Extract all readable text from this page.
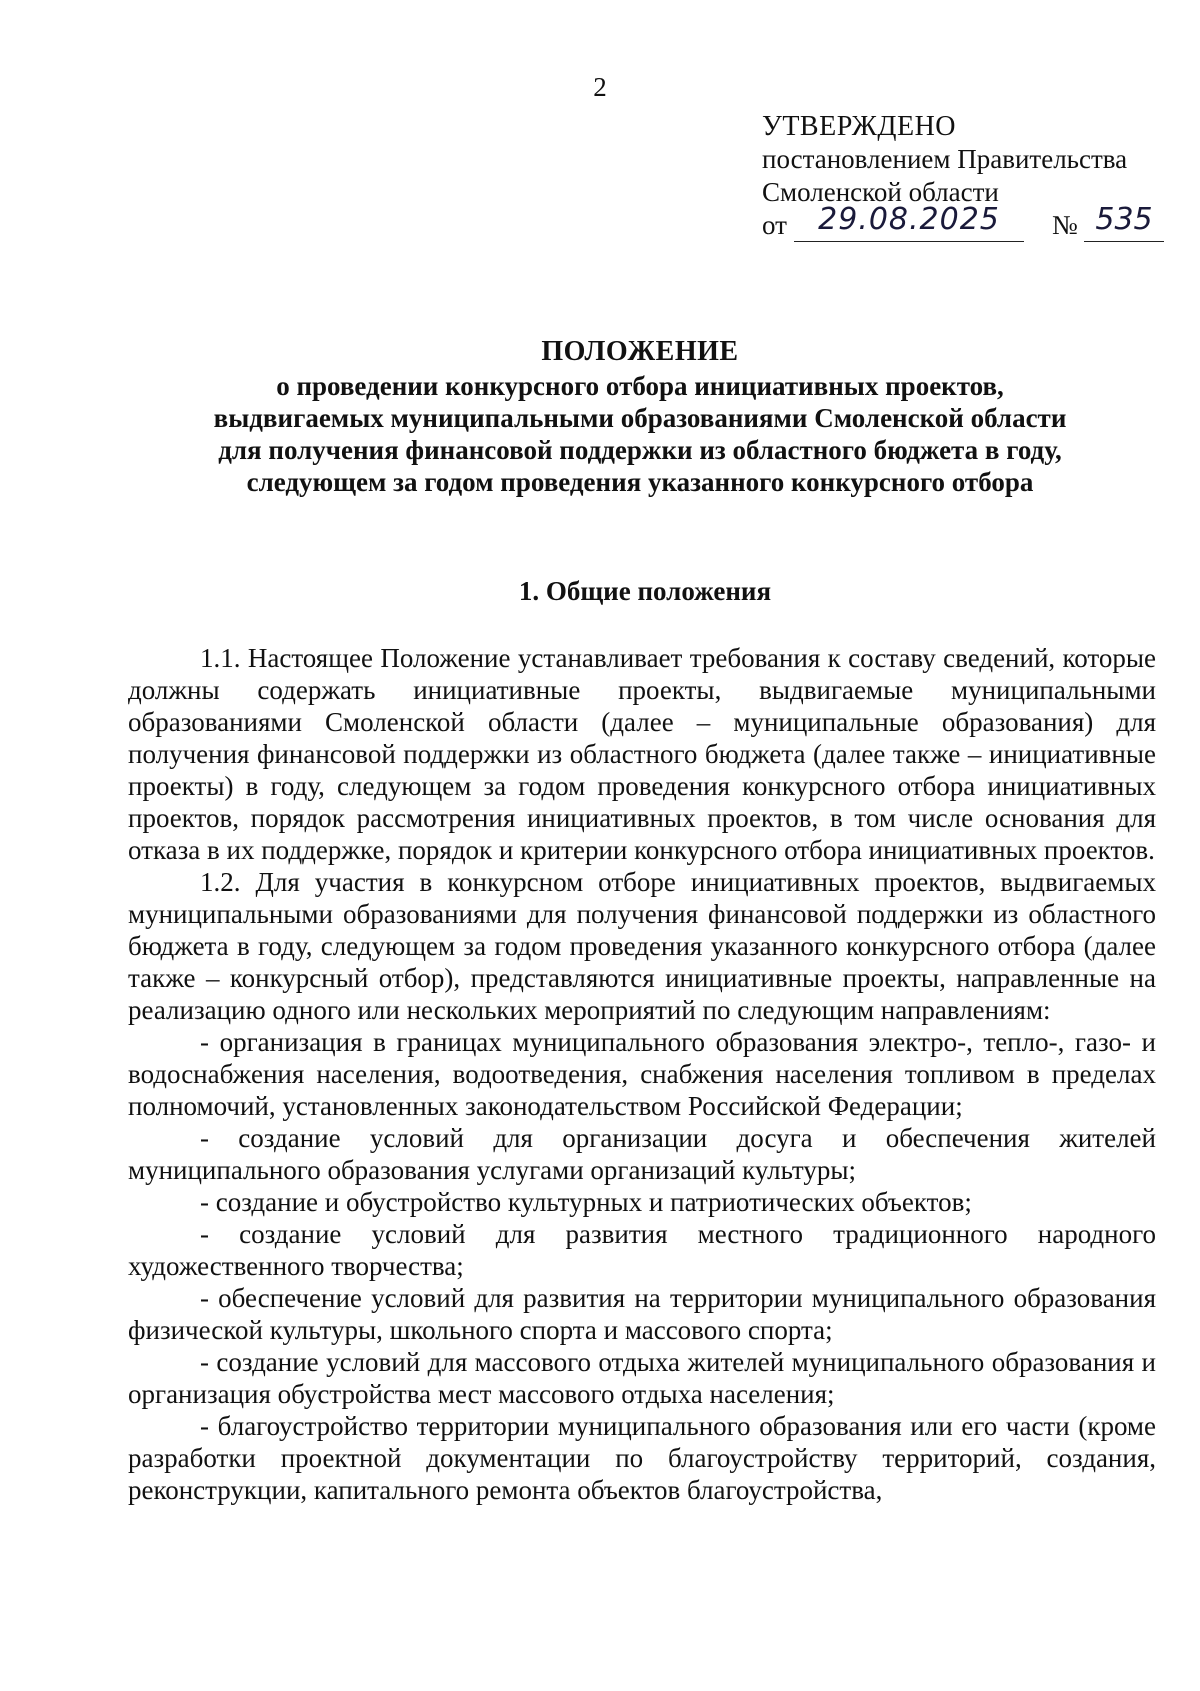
2
УТВЕРЖДЕНО
постановлением Правительства
Смоленской области
от	29.08.2025	№ 535
ПОЛОЖЕНИЕ
о проведении конкурсного отбора инициативных проектов, выдвигаемых муниципальными образованиями Смоленской области для получения финансовой поддержки из областного бюджета в году, следующем за годом проведения указанного конкурсного отбора
1. Общие положения

1.1. Настоящее Положение устанавливает требования к составу сведений, которые должны содержать инициативные проекты, выдвигаемые муниципальными образованиями Смоленской области (далее – муниципальные образования) для получения финансовой поддержки из областного бюджета (далее также – инициативные проекты) в году, следующем за годом проведения конкурсного отбора инициативных проектов, порядок рассмотрения инициативных проектов, в том числе основания для отказа в их поддержке, порядок и критерии конкурсного отбора инициативных проектов.

1.2. Для участия в конкурсном отборе инициативных проектов, выдвигаемых муниципальными образованиями для получения финансовой поддержки из областного бюджета в году, следующем за годом проведения указанного конкурсного отбора (далее также – конкурсный отбор), представляются инициативные проекты, направленные на реализацию одного или нескольких мероприятий по следующим направлениям:

- организация в границах муниципального образования электро-, тепло-, газо- и водоснабжения населения, водоотведения, снабжения населения топливом в пределах полномочий, установленных законодательством Российской Федерации;

- создание условий для организации досуга и обеспечения жителей муниципального образования услугами организаций культуры;

- создание и обустройство культурных и патриотических объектов;

- создание условий для развития местного традиционного народного художественного творчества;

- обеспечение условий для развития на территории муниципального образования физической культуры, школьного спорта и массового спорта;

- создание условий для массового отдыха жителей муниципального образования и организация обустройства мест массового отдыха населения;

- благоустройство территории муниципального образования или его части (кроме разработки проектной документации по благоустройству территорий, создания, реконструкции, капитального ремонта объектов благоустройства,
